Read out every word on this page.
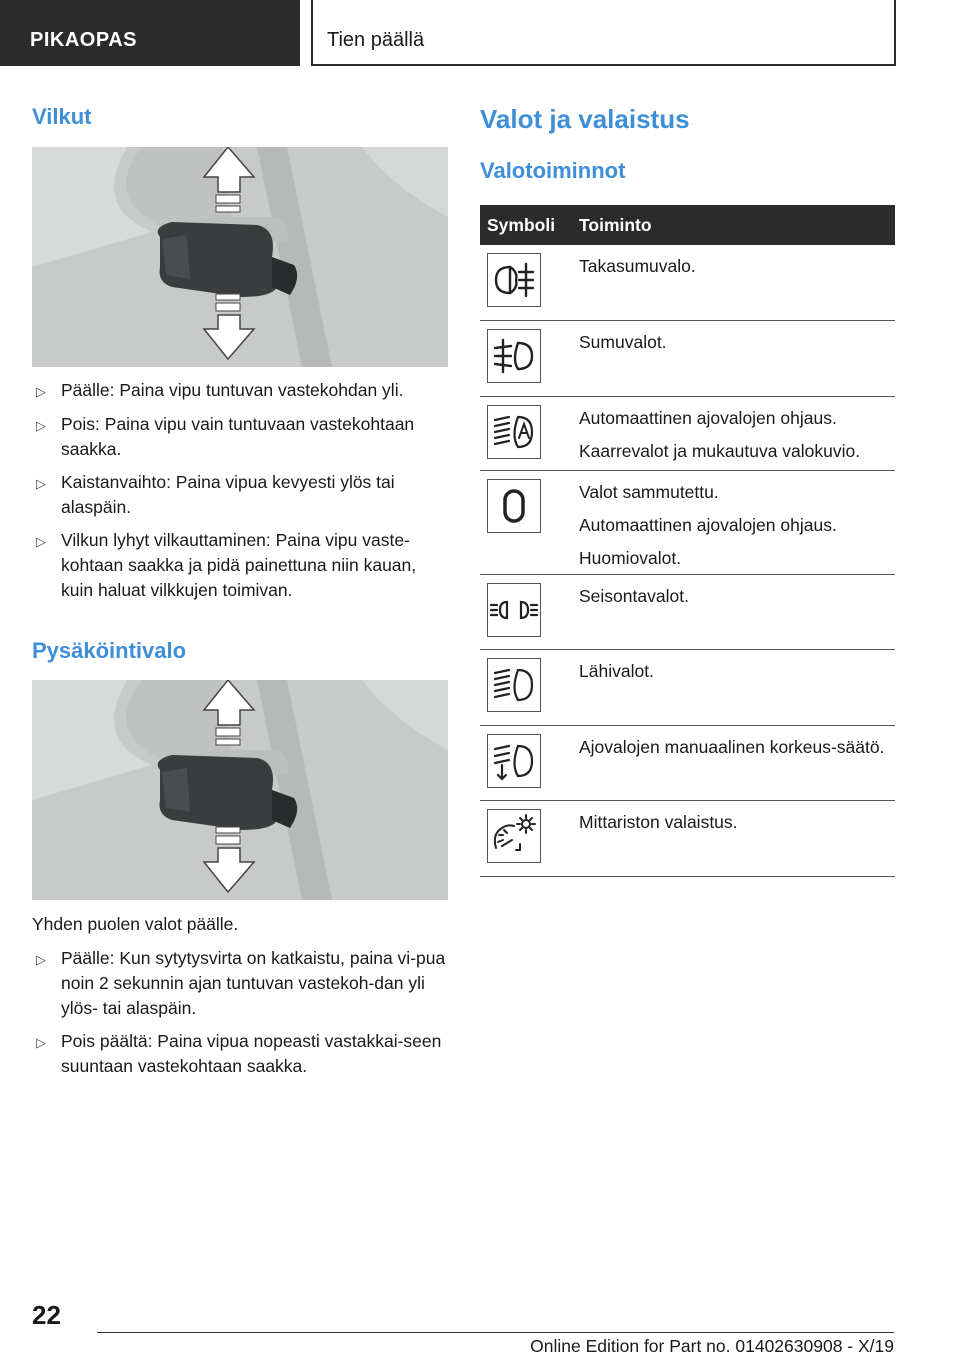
PIKAOPAS	Tien päällä
Vilkut
▷ Päälle: Paina vipu tuntuvan vastekohdan yli.
▷ Pois: Paina vipu vain tuntuvaan vastekohtaan saakka.
▷ Kaistanvaihto: Paina vipua kevyesti ylös tai alaspäin.
▷ Vilkun lyhyt vilkauttaminen: Paina vipu vaste-kohtaan saakka ja pidä painettuna niin kauan, kuin haluat vilkkujen toimivan.
Pysäköintivalo
Yhden puolen valot päälle.
▷ Päälle: Kun sytytysvirta on katkaistu, paina vi-pua noin 2 sekunnin ajan tuntuvan vastekoh-dan yli ylös- tai alaspäin.
▷ Pois päältä: Paina vipua nopeasti vastakkai-seen suuntaan vastekohtaan saakka.
Valot ja valaistus
Valotoiminnot
Symboli Toiminto
Takasumuvalo.
Sumuvalot.
Automaattinen ajovalojen ohjaus.
Kaarrevalot ja mukautuva valokuvio.
Valot sammutettu.
Automaattinen ajovalojen ohjaus.
Huomiovalot.
Seisontavalot.
Lähivalot.
Ajovalojen manuaalinen korkeus-säätö.
Mittariston valaistus.
22
Online Edition for Part no. 01402630908 - X/19
